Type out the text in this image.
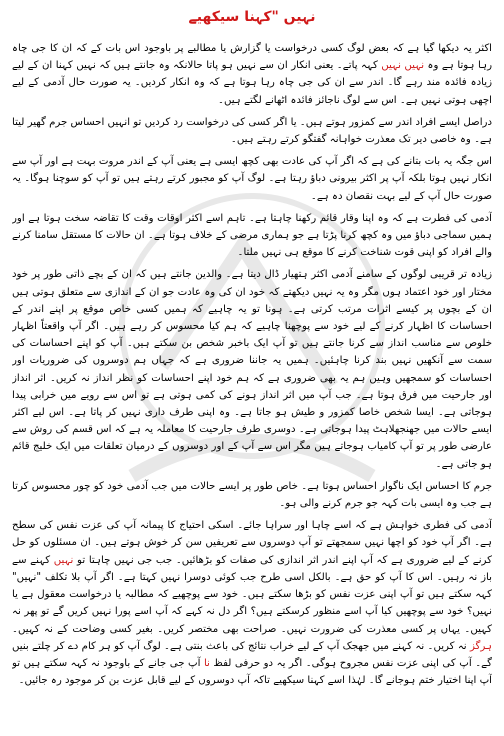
نہیں "کہنا سیکھیے

اکثر یہ دیکھا گیا ہے کہ بعض لوگ کسی درخواست یا گزارش یا مطالبے پر باوجود اس بات کے کہ ان کا جی چاہ رہا ہوتا ہے وہ نہیں نہیں کہہ پاتے۔ یعنی انکار ان سے نہیں ہو پاتا حالانکہ وہ جانتے ہیں کہ نہیں کہنا ان کے لیے زیادہ فائدہ مند رہے گا۔ اندر سے ان کی جی چاہ رہا ہوتا ہے کہ وہ انکار کردیں۔ یہ صورت حال آدمی کے لیے اچھی ہوتی نہیں ہے۔ اس سے لوگ ناجائز فائدہ اٹھانے لگتے ہیں۔

دراصل ایسے افراد اندر سے کمزور ہوتے ہیں۔ یا اگر کسی کی درخواست رد کردیں تو انہیں احساس جرم گھیر لیتا ہے۔ وہ خاصی دیر تک معذرت خواہانہ گفتگو کرتے رہتے ہیں۔

اس جگہ یہ بات بتانے کی ہے کہ اگر آپ کی عادت بھی کچھ ایسی ہے یعنی آپ کے اندر مروت بہت ہے اور آپ سے انکار نہیں ہوتا بلکہ آپ پر اکثر بیرونی دباؤ رہتا ہے۔ لوگ آپ کو مجبور کرتے رہتے ہیں تو آپ کو سوچنا ہوگا۔ یہ صورت حال آپ کے لیے بہت نقصان دہ ہے۔

آدمی کی فطرت ہے کہ وہ اپنا وقار قائم رکھنا چاہتا ہے۔ تاہم اسے اکثر اوقات وقت کا تقاضہ سخت ہوتا ہے اور ہمیں سماجی دباؤ میں وہ کچھ کرنا پڑتا ہے جو ہماری مرضی کے خلاف ہوتا ہے۔ ان حالات کا مستقل سامنا کرنے والے افراد کو اپنی قوت شناخت کرنے کا موقع ہی نہیں ملتا۔

زیادہ تر قریبی لوگوں کے سامنے آدمی اکثر ہتھیار ڈال دیتا ہے۔ والدین جانتے ہیں کہ ان کے بچے ذاتی طور پر خود مختار اور خود اعتماد ہوں مگر وہ یہ نہیں دیکھتے کہ خود ان کی وہ عادت جو ان کے اندازی سے متعلق ہوتی ہیں ان کے بچوں پر کیسے اثرات مرتب کرتی ہے۔ ہونا تو یہ چاہیے کہ ہمیں کسی خاص موقع پر اپنے اندر کے احساسات کا اظہار کرنے کے لیے خود سے پوچھنا چاہیے کہ ہم کیا محسوس کر رہے ہیں۔ اگر آپ واقعتاً اظہار خلوص سے مناسب انداز سے کرنا جانتے ہیں تو آپ ایک باخبر شخص بن سکتے ہیں۔ آپ کو اپنے احساسات کی سمت سے آنکھیں نہیں بند کرنا چاہئیں۔ ہمیں یہ جاننا ضروری ہے کہ جہاں ہم دوسروں کی ضروریات اور احساسات کو سمجھیں وہیں ہم یہ بھی ضروری ہے کہ ہم خود اپنے احساسات کو نظر انداز نہ کریں۔ اثر انداز اور جارحیت میں فرق ہوتا ہے۔ جب آپ میں اثر انداز ہونے کی کمی ہوتی ہے تو اس سے رویے میں خرابی پیدا ہوجاتی ہے۔ ایسا شخص خاصا کمزور و طیش ہو جاتا ہے۔ وہ اپنی طرف داری نہیں کر پاتا ہے۔ اس لیے اکثر ایسے حالات میں جھنجھلاہٹ پیدا ہوجاتی ہے۔ دوسری طرف جارحیت کا معاملہ یہ ہے کہ اس قسم کی روش سے عارضی طور پر تو آپ کامیاب ہوجاتے ہیں مگر اس سے آپ کے اور دوسروں کے درمیان تعلقات میں ایک خلیج قائم ہو جاتی ہے۔

جرم کا احساس ایک ناگوار احساس ہوتا ہے۔ خاص طور پر ایسے حالات میں جب آدمی خود کو چور محسوس کرتا ہے جب وہ ایسی بات کہہ جو جرم کرنے والی ہو۔

آدمی کی فطری خواہش ہے کہ اسے چاہا اور سراہا جائے۔ اسکی احتیاج کا پیمانہ آپ کی عزت نفس کی سطح ہے۔ اگر آپ خود کو اچھا نہیں سمجھتے تو آپ دوسروں سے تعریفیں سن کر خوش ہوتے ہیں۔ ان مسئلوں کو حل کرنے کے لیے ضروری ہے کہ آپ اپنے اندر اثر اندازی کی صفات کو بڑھائیں۔ جب جی نہیں چاہتا تو نہیں کہنے سے باز نہ رہیں۔ اس کا آپ کو حق ہے۔ بالکل اسی طرح جب کوئی دوسرا نہیں کہتا ہے۔ اگر آپ بلا تکلف "نہیں" کہہ سکتے ہیں تو آپ اپنی عزت نفس کو بڑھا سکتے ہیں۔ خود سے پوچھیے کہ مطالبہ یا درخواست معقول ہے یا نہیں؟ خود سے پوچھیں کیا آپ اسے منظور کرسکتے ہیں؟ اگر دل نہ کہے کہ آپ اسے پورا نہیں کریں گے تو پھر نہ کہیں۔ یہاں پر کسی معذرت کی ضرورت نہیں۔ صراحت بھی مختصر کریں۔ بغیر کسی وضاحت کے نہ کہیں۔ ہرگز نہ کریں۔ نہ کہنے میں جھجک آپ کے لیے خراب نتائج کی باعث بنتی ہے۔ لوگ آپ کو ہر کام دے کر چلتے بنیں گے۔ آپ کی اپنی عزت نفس مجروح ہوگی۔ اگر یہ دو حرفی لفظ نا آپ جی جانے کے باوجود نہ کہہ سکتے ہیں تو آپ اپنا اختیار ختم ہوجانے گا۔ لہٰذا اسے کہنا سیکھیے تاکہ آپ دوسروں کے لیے قابل عزت بن کر موجود رہ جائیں۔
